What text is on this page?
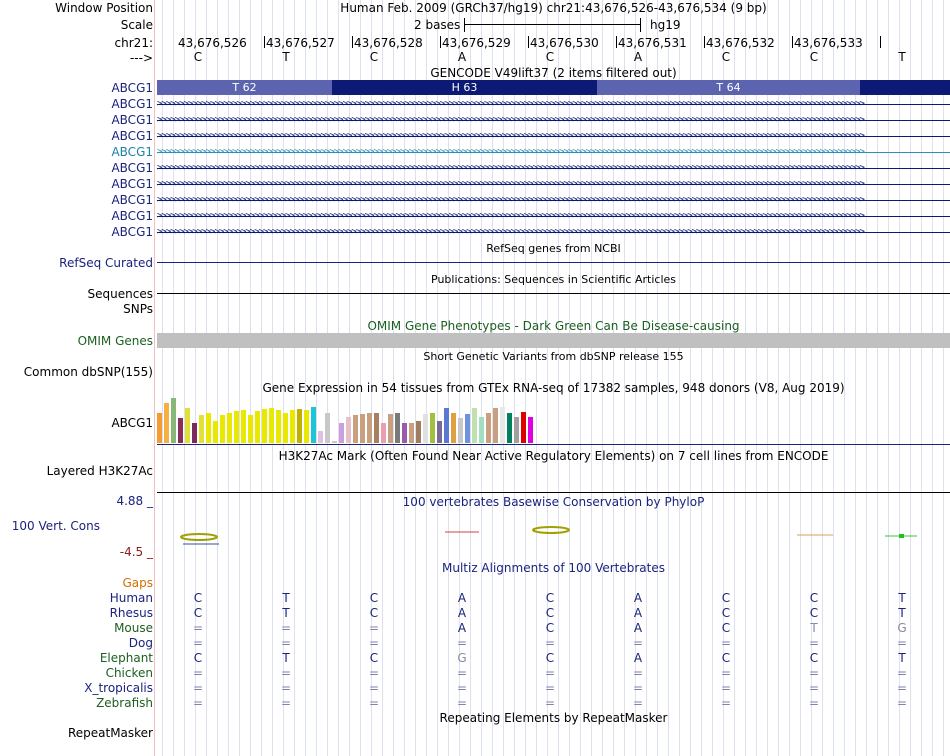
Window Position	Human Feb. 2009 (GRCh37/hg19) chr21:43,676,526-43,676,534 (9 bp)
Scale	2 bases	hg19
chr21: 43,676,526 43,676,527 43,676,528 43,676,529 43,676,530 43,676,531 43,676,532 43,676,533
--->	C	T	C	A	C	A	C	C	T
GENCODE V49lift37 (2 items filtered out)
T 62	H 63	T 64
ABCG1
ABCG1 >>>>>>>>>>>>>>>>>>>>>>>>>>>>>>>>>>>>>>>>>>>>>>>>>>>>>>>>>>>>>>>>>>>>>>>>>>>>>>>>>>>>>>>>>>>>>>>>>>>>>>>>>>>>>>>>>>>>>>>>>>>>>>>>>>>>>>>>>>>>>>>>>>>>>>>>>>>>>>>>
ABCG1 >>>>>>>>>>>>>>>>>>>>>>>>>>>>>>>>>>>>>>>>>>>>>>>>>>>>>>>>>>>>>>>>>>>>>>>>>>>>>>>>>>>>>>>>>>>>>>>>>>>>>>>>>>>>>>>>>>>>>>>>>>>>>>>>>>>>>>>>>>>>>>>>>>>>>>>>>>>>>>>>
ABCG1 >>>>>>>>>>>>>>>>>>>>>>>>>>>>>>>>>>>>>>>>>>>>>>>>>>>>>>>>>>>>>>>>>>>>>>>>>>>>>>>>>>>>>>>>>>>>>>>>>>>>>>>>>>>>>>>>>>>>>>>>>>>>>>>>>>>>>>>>>>>>>>>>>>>>>>>>>>>>>>>>
ABCG1 >>>>>>>>>>>>>>>>>>>>>>>>>>>>>>>>>>>>>>>>>>>>>>>>>>>>>>>>>>>>>>>>>>>>>>>>>>>>>>>>>>>>>>>>>>>>>>>>>>>>>>>>>>>>>>>>>>>>>>>>>>>>>>>>>>>>>>>>>>>>>>>>>>>>>>>>>>>>>>>>
ABCG1 >>>>>>>>>>>>>>>>>>>>>>>>>>>>>>>>>>>>>>>>>>>>>>>>>>>>>>>>>>>>>>>>>>>>>>>>>>>>>>>>>>>>>>>>>>>>>>>>>>>>>>>>>>>>>>>>>>>>>>>>>>>>>>>>>>>>>>>>>>>>>>>>>>>>>>>>>>>>>>>>
ABCG1 >>>>>>>>>>>>>>>>>>>>>>>>>>>>>>>>>>>>>>>>>>>>>>>>>>>>>>>>>>>>>>>>>>>>>>>>>>>>>>>>>>>>>>>>>>>>>>>>>>>>>>>>>>>>>>>>>>>>>>>>>>>>>>>>>>>>>>>>>>>>>>>>>>>>>>>>>>>>>>>>
ABCG1 >>>>>>>>>>>>>>>>>>>>>>>>>>>>>>>>>>>>>>>>>>>>>>>>>>>>>>>>>>>>>>>>>>>>>>>>>>>>>>>>>>>>>>>>>>>>>>>>>>>>>>>>>>>>>>>>>>>>>>>>>>>>>>>>>>>>>>>>>>>>>>>>>>>>>>>>>>>>>>>>
ABCG1 >>>>>>>>>>>>>>>>>>>>>>>>>>>>>>>>>>>>>>>>>>>>>>>>>>>>>>>>>>>>>>>>>>>>>>>>>>>>>>>>>>>>>>>>>>>>>>>>>>>>>>>>>>>>>>>>>>>>>>>>>>>>>>>>>>>>>>>>>>>>>>>>>>>>>>>>>>>>>>>>
ABCG1 >>>>>>>>>>>>>>>>>>>>>>>>>>>>>>>>>>>>>>>>>>>>>>>>>>>>>>>>>>>>>>>>>>>>>>>>>>>>>>>>>>>>>>>>>>>>>>>>>>>>>>>>>>>>>>>>>>>>>>>>>>>>>>>>>>>>>>>>>>>>>>>>>>>>>>>>>>>>>>>>
RefSeq genes from NCBI
RefSeq Curated
Publications: Sequences in Scientific Articles
Sequences
SNPs
OMIM Gene Phenotypes - Dark Green Can Be Disease-causing
OMIM Genes
Short Genetic Variants from dbSNP release 155
Common dbSNP(155)
Gene Expression in 54 tissues from GTEx RNA-seq of 17382 samples, 948 donors (V8, Aug 2019)
ABCG1
H3K27Ac Mark (Often Found Near Active Regulatory Elements) on 7 cell lines from ENCODE
Layered H3K27Ac
100 vertebrates Basewise Conservation by PhyloP
4.88 _
100 Vert. Cons
-4.5 _
Multiz Alignments of 100 Vertebrates
Gaps
Human	C	T	C	A	C	A	C	C	T
Rhesus	C	T	C	A	C	A	C	C	T
Mouse	=	=	=	A	C	A	C	T	G
Dog	=	=	=	=	=	=	=	=	=
Elephant	C	T	C	G	C	A	C	C	T
Chicken	=	=	=	=	=	=	=	=	=
X_tropicalis	=	=	=	=	=	=	=	=	=
Zebrafish	=	=	=	=	=	=	=	=	=
Repeating Elements by RepeatMasker
RepeatMasker
